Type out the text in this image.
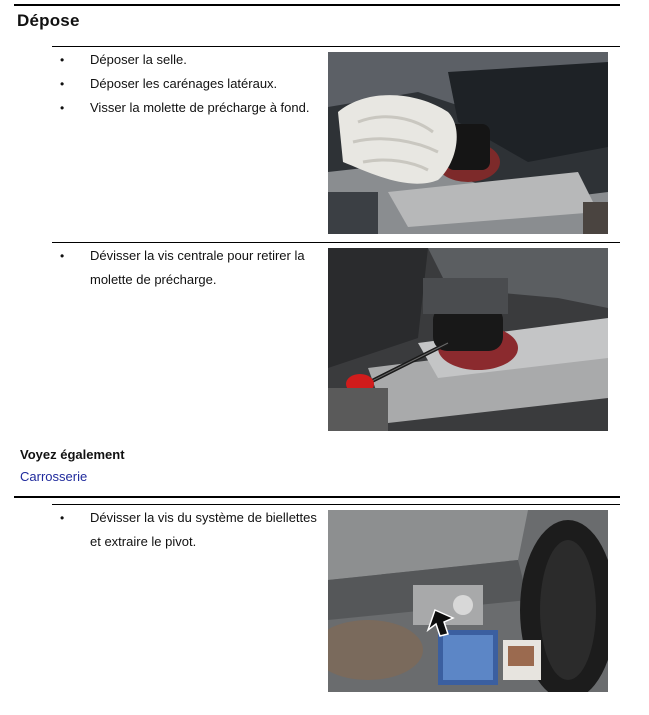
Dépose
•	Déposer la selle.
•	Déposer les carénages latéraux.
•	Visser la molette de précharge à fond.
•	Dévisser la vis centrale pour retirer la molette de précharge.
Voyez également
Carrosserie
•	Dévisser la vis du système de biellettes et extraire le pivot.
